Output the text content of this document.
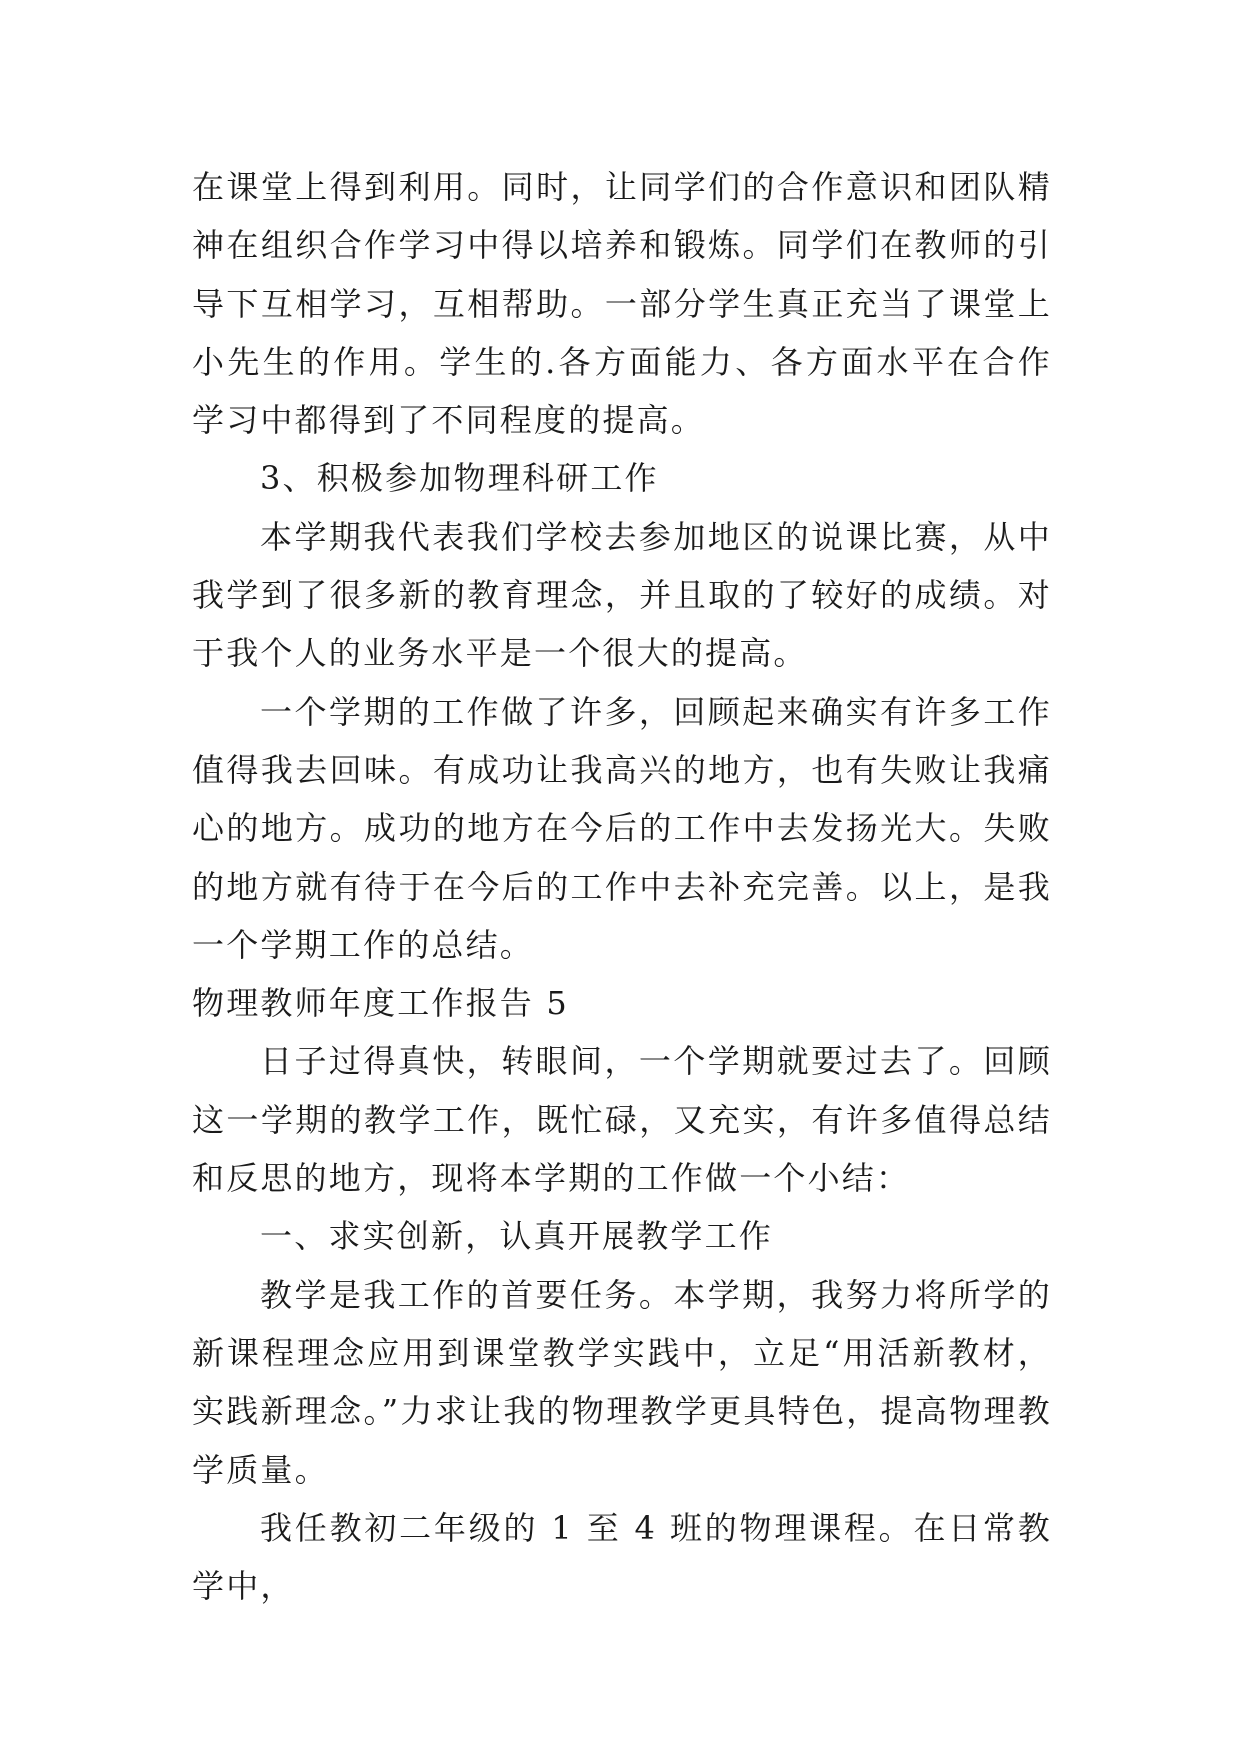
在课堂上得到利用。同时，让同学们的合作意识和团队精神在组织合作学习中得以培养和锻炼。同学们在教师的引导下互相学习，互相帮助。一部分学生真正充当了课堂上小先生的作用。学生的.各方面能力、各方面水平在合作学习中都得到了不同程度的提高。

3、积极参加物理科研工作

本学期我代表我们学校去参加地区的说课比赛，从中我学到了很多新的教育理念，并且取的了较好的成绩。对于我个人的业务水平是一个很大的提高。

一个学期的工作做了许多，回顾起来确实有许多工作值得我去回味。有成功让我高兴的地方，也有失败让我痛心的地方。成功的地方在今后的工作中去发扬光大。失败的地方就有待于在今后的工作中去补充完善。以上，是我一个学期工作的总结。

物理教师年度工作报告 5

日子过得真快，转眼间，一个学期就要过去了。回顾这一学期的教学工作，既忙碌，又充实，有许多值得总结和反思的地方，现将本学期的工作做一个小结：

一、求实创新，认真开展教学工作

教学是我工作的首要任务。本学期，我努力将所学的新课程理念应用到课堂教学实践中，立足“用活新教材，实践新理念。”力求让我的物理教学更具特色，提高物理教学质量。

我任教初二年级的 1 至 4 班的物理课程。在日常教学中，
